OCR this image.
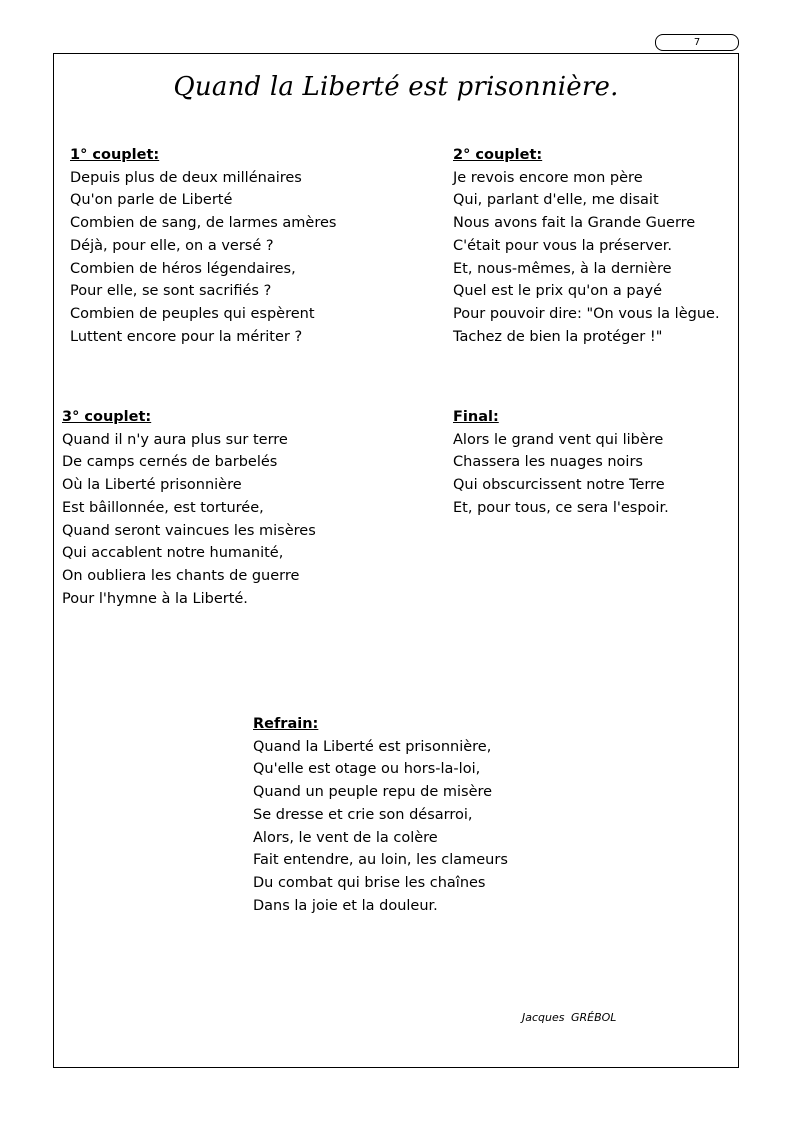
7
Quand la Liberté est prisonnière.
1° couplet:
Depuis plus de deux millénaires
Qu'on parle de Liberté
Combien de sang, de larmes amères
Déjà, pour elle, on a versé ?
Combien de héros légendaires,
Pour elle, se sont sacrifiés ?
Combien de peuples qui espèrent
Luttent encore pour la mériter ?
2° couplet:
Je revois encore mon père
Qui, parlant d'elle, me disait
Nous avons fait la Grande Guerre
C'était pour vous la préserver.
Et, nous-mêmes, à la dernière
Quel est le prix qu'on a payé
Pour pouvoir dire: "On vous la lègue.
Tachez de bien la protéger !"
3° couplet:
Quand il n'y aura plus sur terre
De camps cernés de barbelés
Où la Liberté prisonnière
Est bâillonnée, est torturée,
Quand seront vaincues les misères
Qui accablent notre humanité,
On oubliera les chants de guerre
Pour l'hymne à la Liberté.
Final:
Alors le grand vent qui libère
Chassera les nuages noirs
Qui obscurcissent notre Terre
Et, pour tous, ce sera l'espoir.
Refrain:
Quand la Liberté est prisonnière,
Qu'elle est otage ou hors-la-loi,
Quand un peuple repu de misère
Se dresse et crie son désarroi,
Alors, le vent de la colère
Fait entendre, au loin, les clameurs
Du combat qui brise les chaînes
Dans la joie et la douleur.
Jacques GRÉBOL
